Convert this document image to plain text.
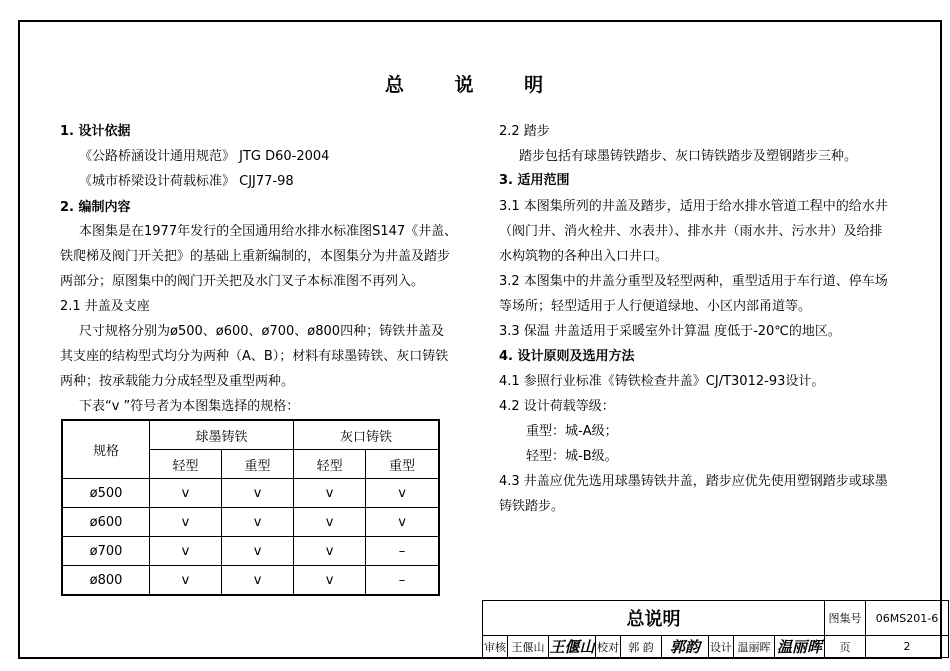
总 说 明
1. 设计依据
《公路桥涵设计通用规范》 JTG D60-2004
《城市桥梁设计荷载标准》 CJJ77-98
2. 编制内容
本图集是在1977年发行的全国通用给水排水标准图S147《井盖、
铁爬梯及阀门开关把》的基础上重新编制的，本图集分为井盖及踏步
两部分；原图集中的阀门开关把及水门叉子本标准图不再列入。
2.1 井盖及支座
尺寸规格分别为ø500、ø600、ø700、ø800四种；铸铁井盖及
其支座的结构型式均分为两种（A、B）；材料有球墨铸铁、灰口铸铁
两种；按承载能力分成轻型及重型两种。
下表“v ”符号者为本图集选择的规格：
规格	球墨铸铁		灰口铸铁	
	轻型	重型	轻型	重型
ø500	v	v	v	v
ø600	v	v	v	v
ø700	v	v	v	–
ø800	v	v	v	–
2.2 踏步
踏步包括有球墨铸铁踏步、灰口铸铁踏步及塑钢踏步三种。
3. 适用范围
3.1 本图集所列的井盖及踏步，适用于给水排水管道工程中的给水井
（阀门井、消火栓井、水表井）、排水井（雨水井、污水井）及给排
水构筑物的各种出入口井口。
3.2 本图集中的井盖分重型及轻型两种，重型适用于车行道、停车场
等场所；轻型适用于人行便道绿地、小区内部甬道等。
3.3 保温 井盖适用于采暖室外计算温 度低于-20℃的地区。
4. 设计原则及选用方法
4.1 参照行业标准《铸铁检查井盖》CJ/T3012-93设计。
4.2 设计荷载等级：
重型：城-A级；
轻型：城-B级。
4.3 井盖应优先选用球墨铸铁井盖，踏步应优先使用塑钢踏步或球墨
铸铁踏步。
总说明									图集号	06MS201-6
审核	王偃山	王偃山	校对	郭 韵	郭韵	设计	温丽晖	温丽晖	页	2
